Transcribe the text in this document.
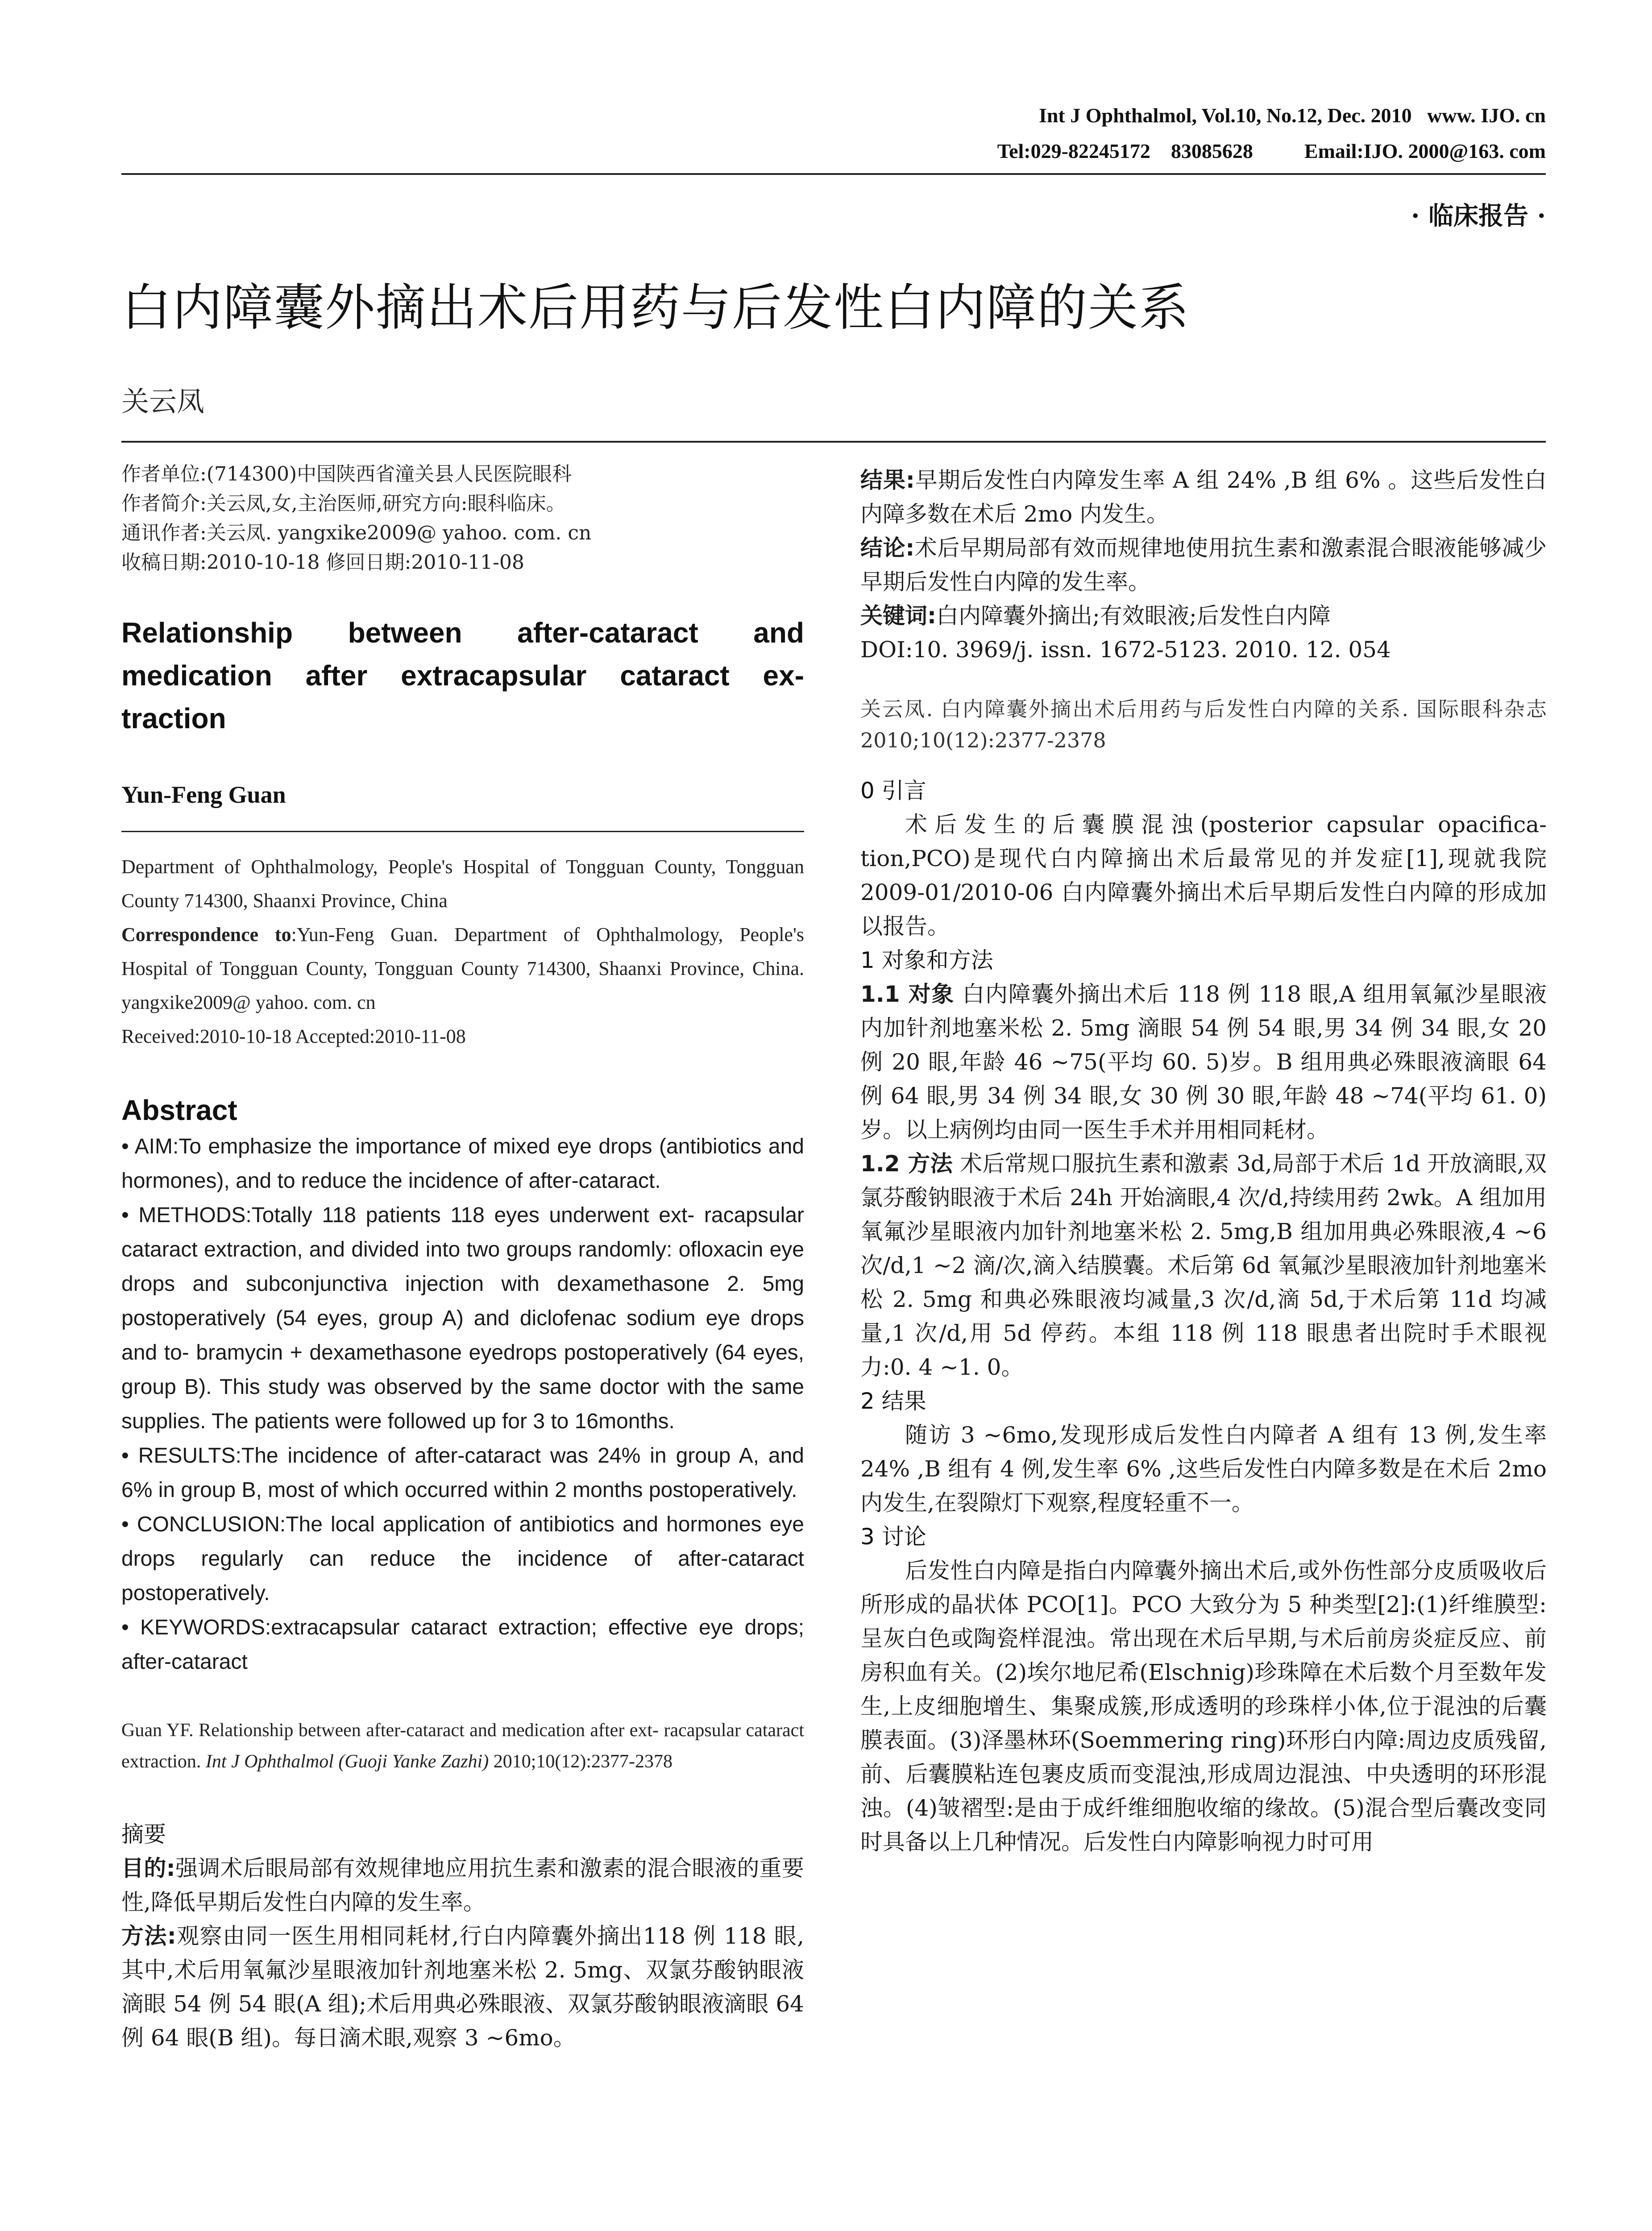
Int J Ophthalmol, Vol.10, No.12, Dec. 2010   www. IJO. cn
Tel:029-82245172    83085628          Email:IJO. 2000@163. com
· 临床报告 ·
白内障囊外摘出术后用药与后发性白内障的关系
关云凤
作者单位:(714300)中国陕西省潼关县人民医院眼科
作者简介:关云凤,女,主治医师,研究方向:眼科临床。
通讯作者:关云凤. yangxike2009@ yahoo. com. cn
收稿日期:2010-10-18 修回日期:2010-11-08
Relationship between after-cataract and medication after extracapsular cataract ex- traction
Yun-Feng Guan
Department of Ophthalmology, People's Hospital of Tongguan County, Tongguan County 714300, Shaanxi Province, China
Correspondence to:Yun-Feng Guan. Department of Ophthalmology, People's Hospital of Tongguan County, Tongguan County 714300, Shaanxi Province, China. yangxike2009@ yahoo. com. cn
Received:2010-10-18 Accepted:2010-11-08
Abstract

• AIM:To emphasize the importance of mixed eye drops (antibiotics and hormones), and to reduce the incidence of after-cataract.

• METHODS:Totally 118 patients 118 eyes underwent ext- racapsular cataract extraction, and divided into two groups randomly: ofloxacin eye drops and subconjunctiva injection with dexamethasone 2. 5mg postoperatively (54 eyes, group A) and diclofenac sodium eye drops and to- bramycin + dexamethasone eyedrops postoperatively (64 eyes, group B). This study was observed by the same doctor with the same supplies. The patients were followed up for 3 to 16months.

• RESULTS:The incidence of after-cataract was 24% in group A, and 6% in group B, most of which occurred within 2 months postoperatively.

• CONCLUSION:The local application of antibiotics and hormones eye drops regularly can reduce the incidence of after-cataract postoperatively.

• KEYWORDS:extracapsular cataract extraction; effective eye drops; after-cataract

Guan YF. Relationship between after-cataract and medication after ext- racapsular cataract extraction. Int J Ophthalmol (Guoji Yanke Zazhi) 2010;10(12):2377-2378

摘要

目的:强调术后眼局部有效规律地应用抗生素和激素的混合眼液的重要性,降低早期后发性白内障的发生率。

方法:观察由同一医生用相同耗材,行白内障囊外摘出118 例 118 眼,其中,术后用氧氟沙星眼液加针剂地塞米松 2. 5mg、双氯芬酸钠眼液滴眼 54 例 54 眼(A 组);术后用典必殊眼液、双氯芬酸钠眼液滴眼 64 例 64 眼(B 组)。每日滴术眼,观察 3 ~6mo。

结果:早期后发性白内障发生率 A 组 24% ,B 组 6% 。这些后发性白内障多数在术后 2mo 内发生。

结论:术后早期局部有效而规律地使用抗生素和激素混合眼液能够减少早期后发性白内障的发生率。

关键词:白内障囊外摘出;有效眼液;后发性白内障

DOI:10. 3969/j. issn. 1672-5123. 2010. 12. 054

关云凤. 白内障囊外摘出术后用药与后发性白内障的关系. 国际眼科杂志 2010;10(12):2377-2378

0 引言

术后发生的后囊膜混浊(posterior capsular opacifica- tion,PCO)是现代白内障摘出术后最常见的并发症[1],现就我院 2009-01/2010-06 白内障囊外摘出术后早期后发性白内障的形成加以报告。

1 对象和方法

1.1 对象 白内障囊外摘出术后 118 例 118 眼,A 组用氧氟沙星眼液内加针剂地塞米松 2. 5mg 滴眼 54 例 54 眼,男 34 例 34 眼,女 20 例 20 眼,年龄 46 ~75(平均 60. 5)岁。B 组用典必殊眼液滴眼 64 例 64 眼,男 34 例 34 眼,女 30 例 30 眼,年龄 48 ~74(平均 61. 0)岁。以上病例均由同一医生手术并用相同耗材。

1.2 方法 术后常规口服抗生素和激素 3d,局部于术后 1d 开放滴眼,双氯芬酸钠眼液于术后 24h 开始滴眼,4 次/d,持续用药 2wk。A 组加用氧氟沙星眼液内加针剂地塞米松 2. 5mg,B 组加用典必殊眼液,4 ~6 次/d,1 ~2 滴/次,滴入结膜囊。术后第 6d 氧氟沙星眼液加针剂地塞米松 2. 5mg 和典必殊眼液均减量,3 次/d,滴 5d,于术后第 11d 均减量,1 次/d,用 5d 停药。本组 118 例 118 眼患者出院时手术眼视力:0. 4 ~1. 0。

2 结果

随访 3 ~6mo,发现形成后发性白内障者 A 组有 13 例,发生率 24% ,B 组有 4 例,发生率 6% ,这些后发性白内障多数是在术后 2mo 内发生,在裂隙灯下观察,程度轻重不一。

3 讨论

后发性白内障是指白内障囊外摘出术后,或外伤性部分皮质吸收后所形成的晶状体 PCO[1]。PCO 大致分为 5 种类型[2]:(1)纤维膜型:呈灰白色或陶瓷样混浊。常出现在术后早期,与术后前房炎症反应、前房积血有关。(2)埃尔地尼希(Elschnig)珍珠障在术后数个月至数年发生,上皮细胞增生、集聚成簇,形成透明的珍珠样小体,位于混浊的后囊膜表面。(3)泽墨林环(Soemmering ring)环形白内障:周边皮质残留,前、后囊膜粘连包裹皮质而变混浊,形成周边混浊、中央透明的环形混浊。(4)皱褶型:是由于成纤维细胞收缩的缘故。(5)混合型后囊改变同时具备以上几种情况。后发性白内障影响视力时可用
